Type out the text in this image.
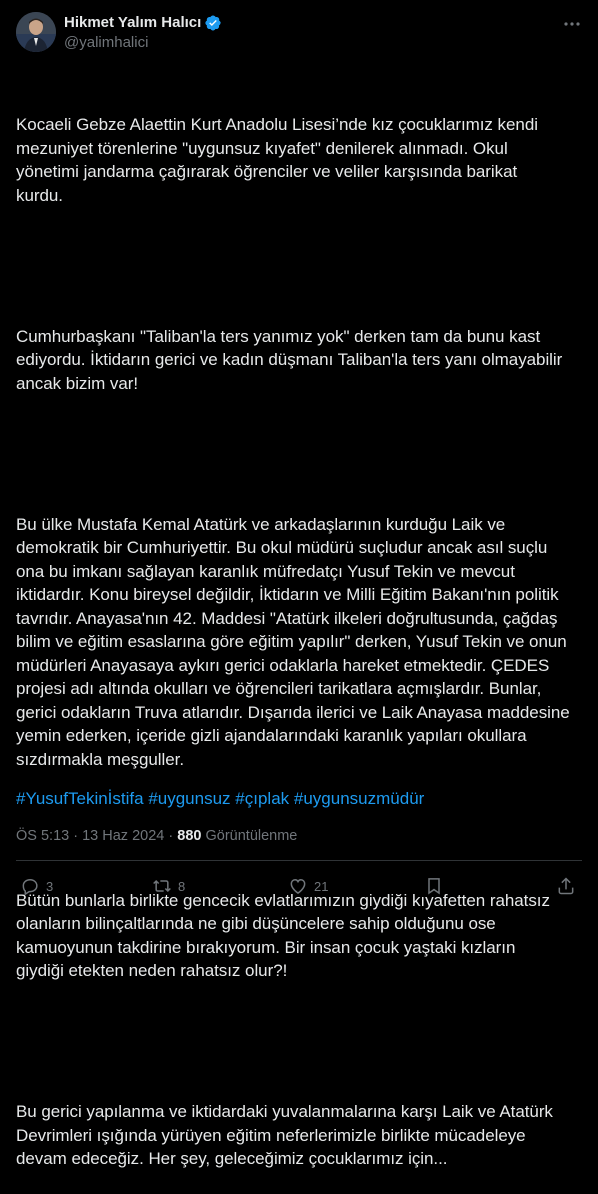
Hikmet Yalım Halıcı
@yalimhalici

Kocaeli Gebze Alaettin Kurt Anadolu Lisesi’nde kız çocuklarımız kendi
mezuniyet törenlerine "uygunsuz kıyafet" denilerek alınmadı. Okul
yönetimi jandarma çağırarak öğrenciler ve veliler karşısında barikat
kurdu.

Cumhurbaşkanı "Taliban'la ters yanımız yok" derken tam da bunu kast
ediyordu. İktidarın gerici ve kadın düşmanı Taliban'la ters yanı olmayabilir
ancak bizim var!

Bu ülke Mustafa Kemal Atatürk ve arkadaşlarının kurduğu Laik ve
demokratik bir Cumhuriyettir. Bu okul müdürü suçludur ancak asıl suçlu
ona bu imkanı sağlayan karanlık müfredatçı Yusuf Tekin ve mevcut
iktidardır. Konu bireysel değildir, İktidarın ve Milli Eğitim Bakanı'nın politik
tavrıdır. Anayasa'nın 42. Maddesi "Atatürk ilkeleri doğrultusunda, çağdaş
bilim ve eğitim esaslarına göre eğitim yapılır" derken, Yusuf Tekin ve onun
müdürleri Anayasaya aykırı gerici odaklarla hareket etmektedir. ÇEDES
projesi adı altında okulları ve öğrencileri tarikatlara açmışlardır. Bunlar,
gerici odakların Truva atlarıdır. Dışarıda ilerici ve Laik Anayasa maddesine
yemin ederken, içeride gizli ajandalarındaki karanlık yapıları okullara
sızdırmakla meşguller.

Bütün bunlarla birlikte gencecik evlatlarımızın giydiği kıyafetten rahatsız
olanların bilinçaltlarında ne gibi düşüncelere sahip olduğunu ose
kamuoyunun takdirine bırakıyorum. Bir insan çocuk yaştaki kızların
giydiği etekten neden rahatsız olur?!

Bu gerici yapılanma ve iktidardaki yuvalanmalarına karşı Laik ve Atatürk
Devrimleri ışığında yürüyen eğitim neferlerimizle birlikte mücadeleye
devam edeceğiz. Her şey, geleceğimiz çocuklarımız için...

#YusufTekinİstifa #uygunsuz #çıplak #uygunsuzmüdür
ÖS 5:13 · 13 Haz 2024 · 880 Görüntülenme
3	8	21
